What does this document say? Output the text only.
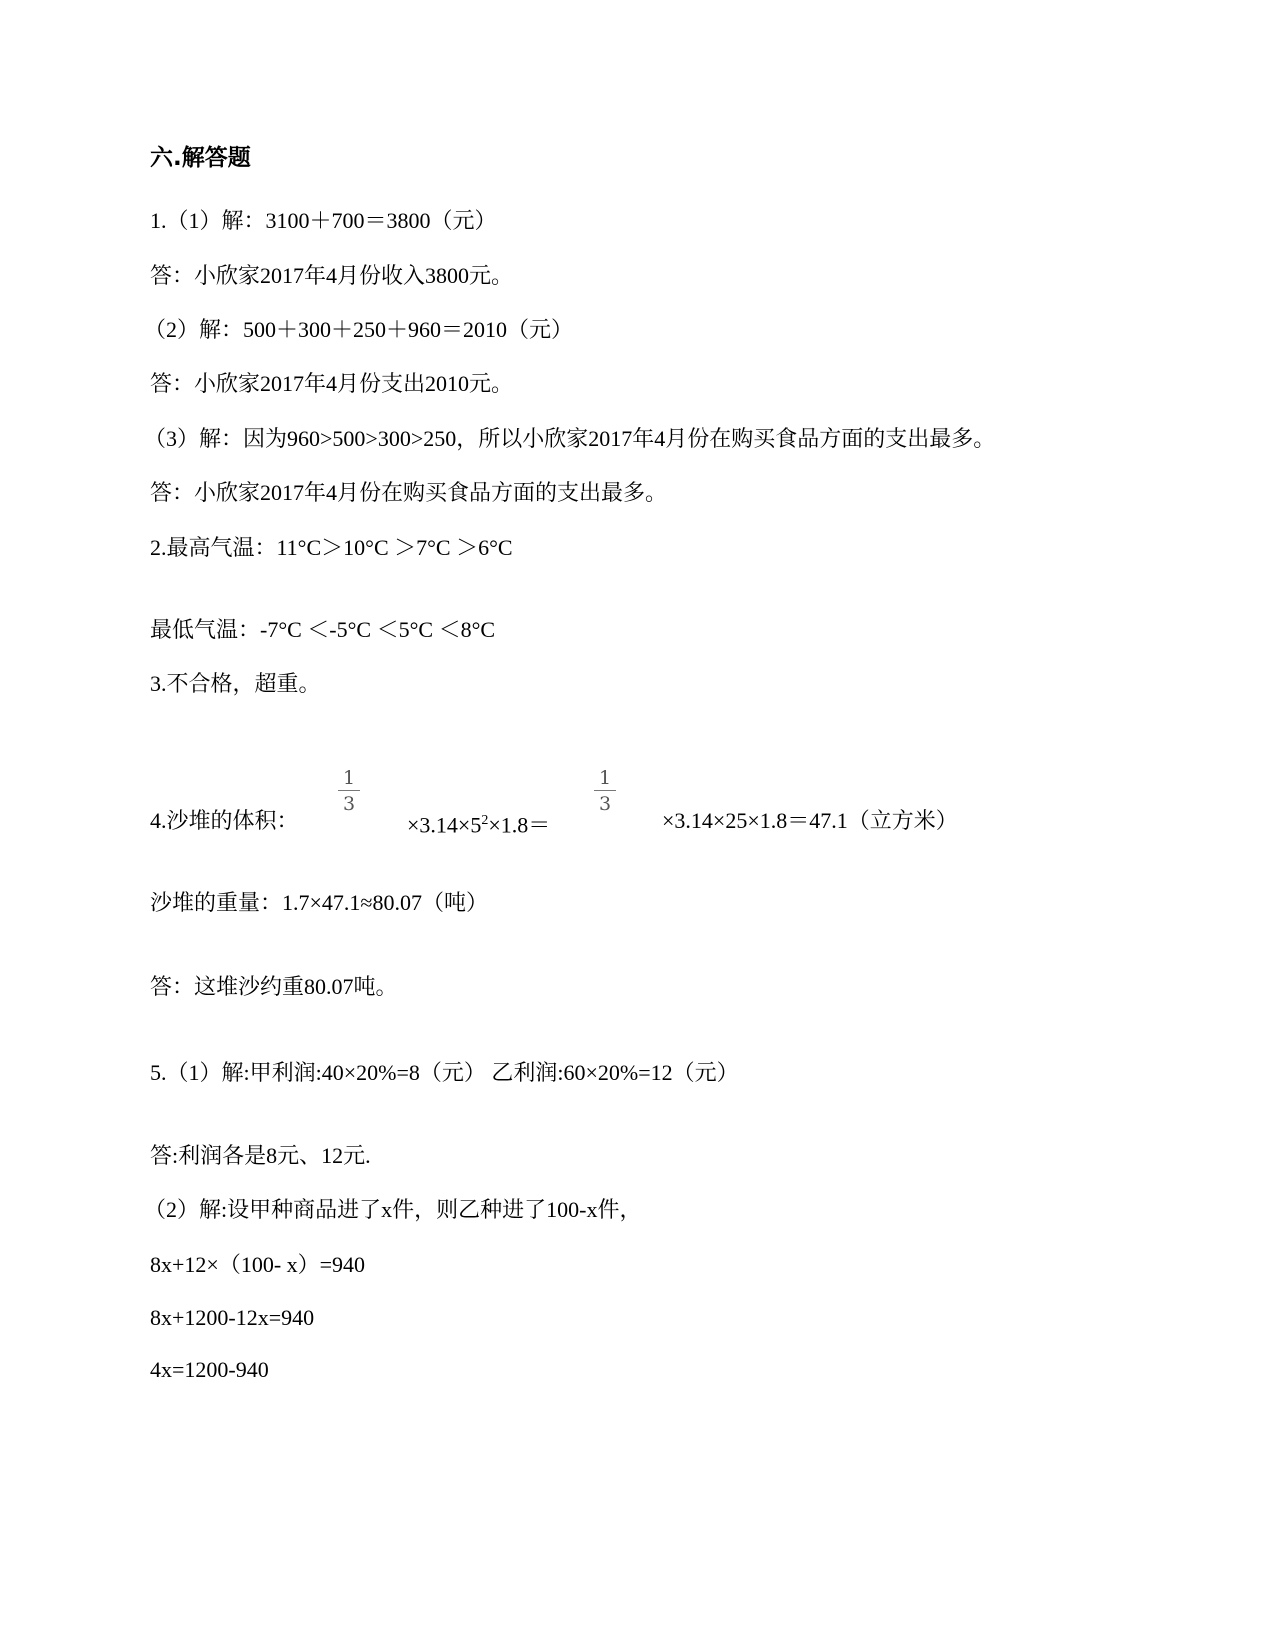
六.解答题
1.（1）解：3100＋700＝3800（元）
答：小欣家2017年4月份收入3800元。
（2）解：500＋300＋250＋960＝2010（元）
答：小欣家2017年4月份支出2010元。
（3）解：因为960>500>300>250，所以小欣家2017年4月份在购买食品方面的支出最多。
答：小欣家2017年4月份在购买食品方面的支出最多。
2.最高气温：11°C＞10°C ＞7°C ＞6°C
最低气温：-7°C ＜-5°C ＜5°C ＜8°C
3.不合格，超重。
4.沙堆的体积：
1
3
$\times 3.14\times 5^2\times 1.8=$
1
3
×3.14×25×1.8＝47.1（立方米）
沙堆的重量：1.7×47.1≈80.07（吨）
答：这堆沙约重80.07吨。
5.（1）解:甲利润:40×20%=8（元） 乙利润:60×20%=12（元）
答:利润各是8元、12元.
（2）解:设甲种商品进了x件，则乙种进了100-x件，
8x+12×（100- x）=940
8x+1200-12x=940
4x=1200-940
